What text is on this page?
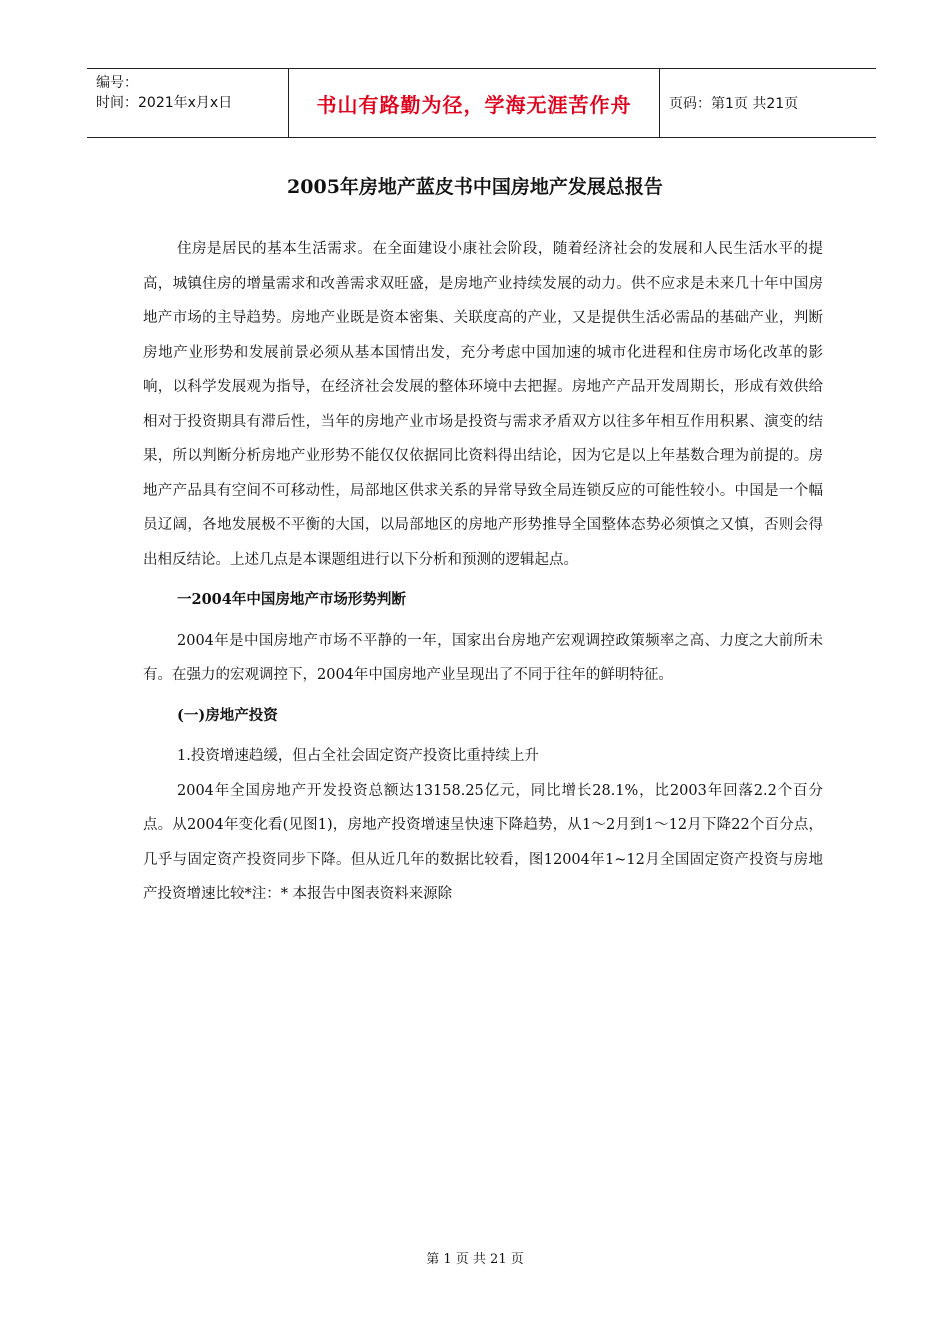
编号：
时间：2021年x月x日	书山有路勤为径，学海无涯苦作舟	页码：第1页 共21页
2005年房地产蓝皮书中国房地产发展总报告

住房是居民的基本生活需求。在全面建设小康社会阶段，随着经济社会的发展和人民生活水平的提高，城镇住房的增量需求和改善需求双旺盛，是房地产业持续发展的动力。供不应求是未来几十年中国房地产市场的主导趋势。房地产业既是资本密集、关联度高的产业，又是提供生活必需品的基础产业，判断房地产业形势和发展前景必须从基本国情出发，充分考虑中国加速的城市化进程和住房市场化改革的影响，以科学发展观为指导，在经济社会发展的整体环境中去把握。房地产产品开发周期长，形成有效供给相对于投资期具有滞后性，当年的房地产业市场是投资与需求矛盾双方以往多年相互作用积累、演变的结果，所以判断分析房地产业形势不能仅仅依据同比资料得出结论，因为它是以上年基数合理为前提的。房地产产品具有空间不可移动性，局部地区供求关系的异常导致全局连锁反应的可能性较小。中国是一个幅员辽阔，各地发展极不平衡的大国，以局部地区的房地产形势推导全国整体态势必须慎之又慎，否则会得出相反结论。上述几点是本课题组进行以下分析和预测的逻辑起点。

一2004年中国房地产市场形势判断

2004年是中国房地产市场不平静的一年，国家出台房地产宏观调控政策频率之高、力度之大前所未有。在强力的宏观调控下，2004年中国房地产业呈现出了不同于往年的鲜明特征。

(一)房地产投资

1.投资增速趋缓，但占全社会固定资产投资比重持续上升

2004年全国房地产开发投资总额达13158.25亿元，同比增长28.1%，比2003年回落2.2个百分点。从2004年变化看(见图1)，房地产投资增速呈快速下降趋势，从1～2月到1～12月下降22个百分点，几乎与固定资产投资同步下降。但从近几年的数据比较看，图12004年1~12月全国固定资产投资与房地产投资增速比较*注：* 本报告中图表资料来源除

第 1 页 共 21 页
